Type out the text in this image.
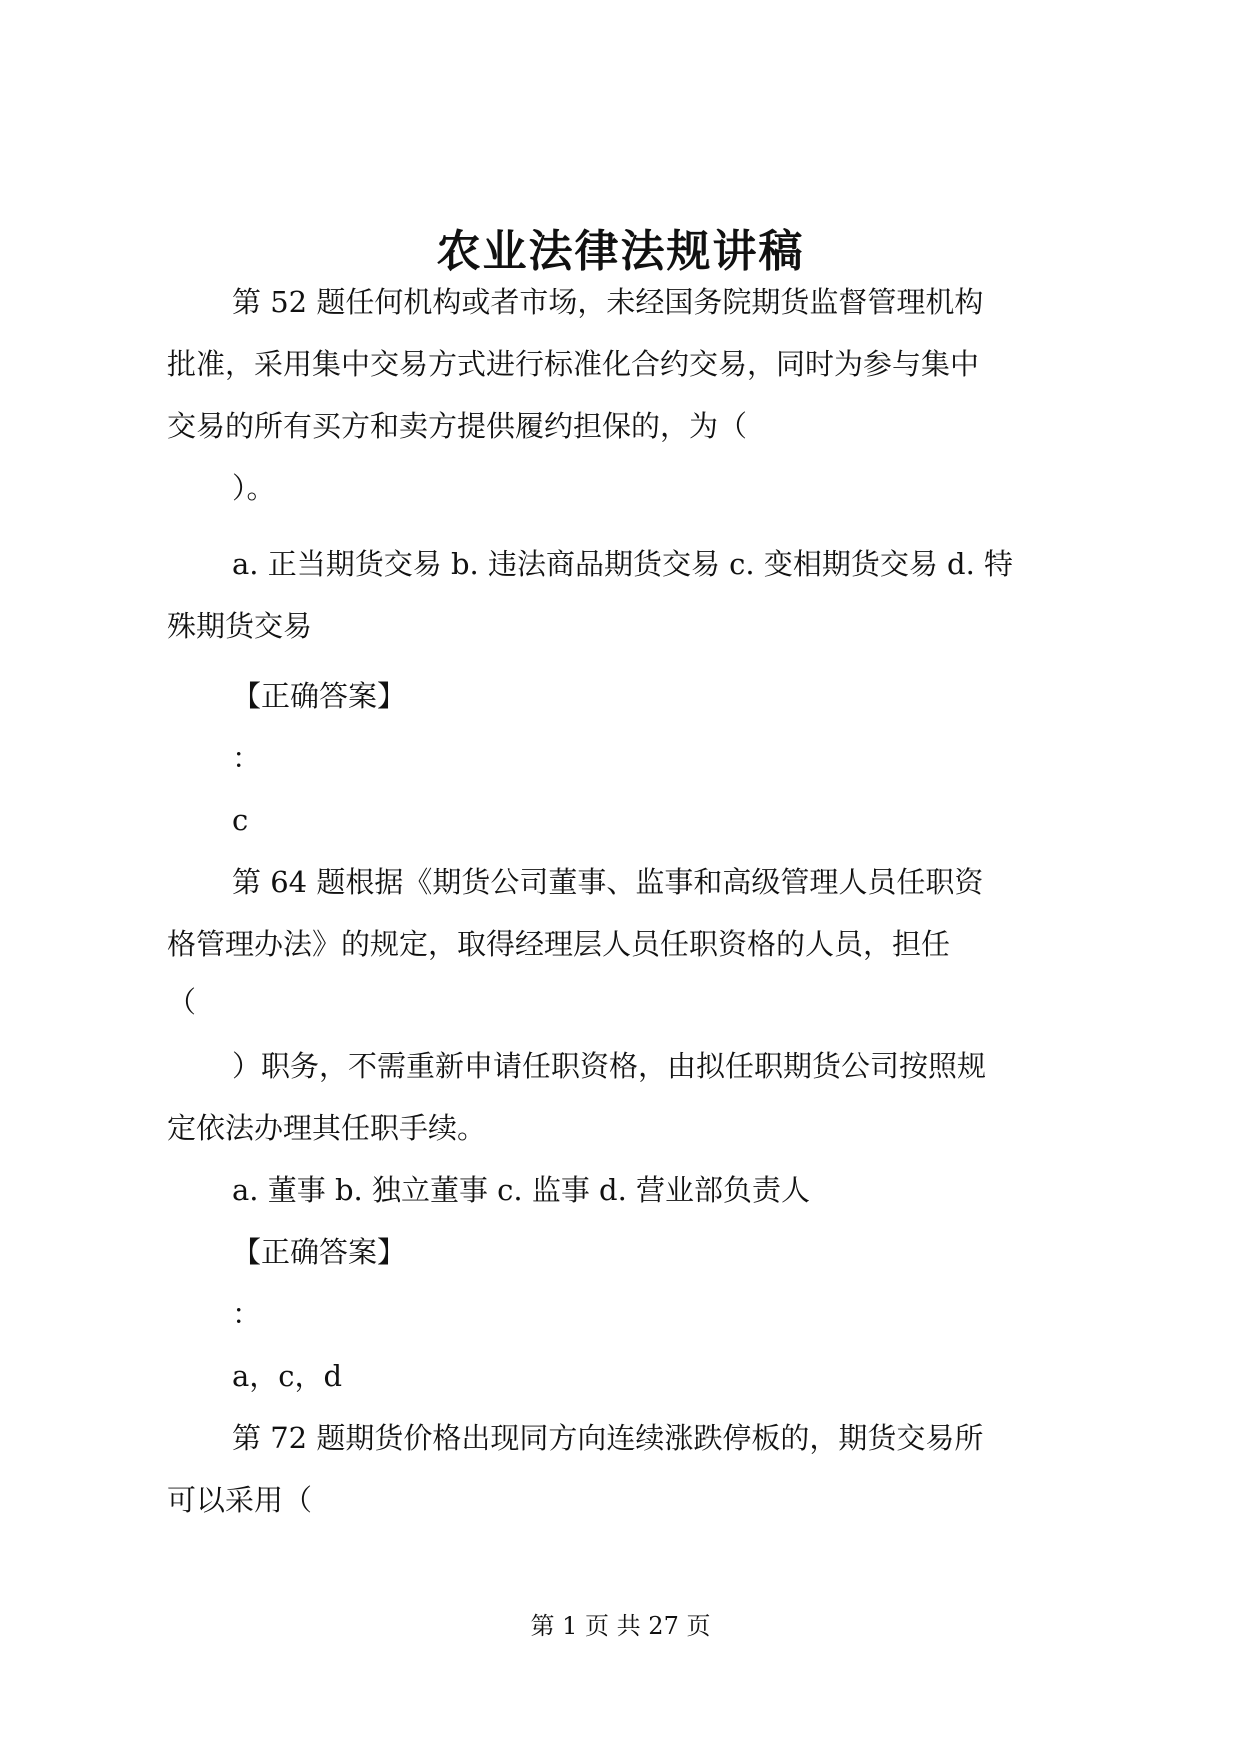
农业法律法规讲稿
第 52 题任何机构或者市场，未经国务院期货监督管理机构
批准，采用集中交易方式进行标准化合约交易，同时为参与集中
交易的所有买方和卖方提供履约担保的，为（
）。
a. 正当期货交易 b. 违法商品期货交易 c. 变相期货交易 d. 特
殊期货交易
【正确答案】
：
c
第 64 题根据《期货公司董事、监事和高级管理人员任职资
格管理办法》的规定，取得经理层人员任职资格的人员，担任
（
）职务，不需重新申请任职资格，由拟任职期货公司按照规
定依法办理其任职手续。
a. 董事 b. 独立董事 c. 监事 d. 营业部负责人
【正确答案】
：
a，c，d
第 72 题期货价格出现同方向连续涨跌停板的，期货交易所
可以采用（
第 1 页 共 27 页
